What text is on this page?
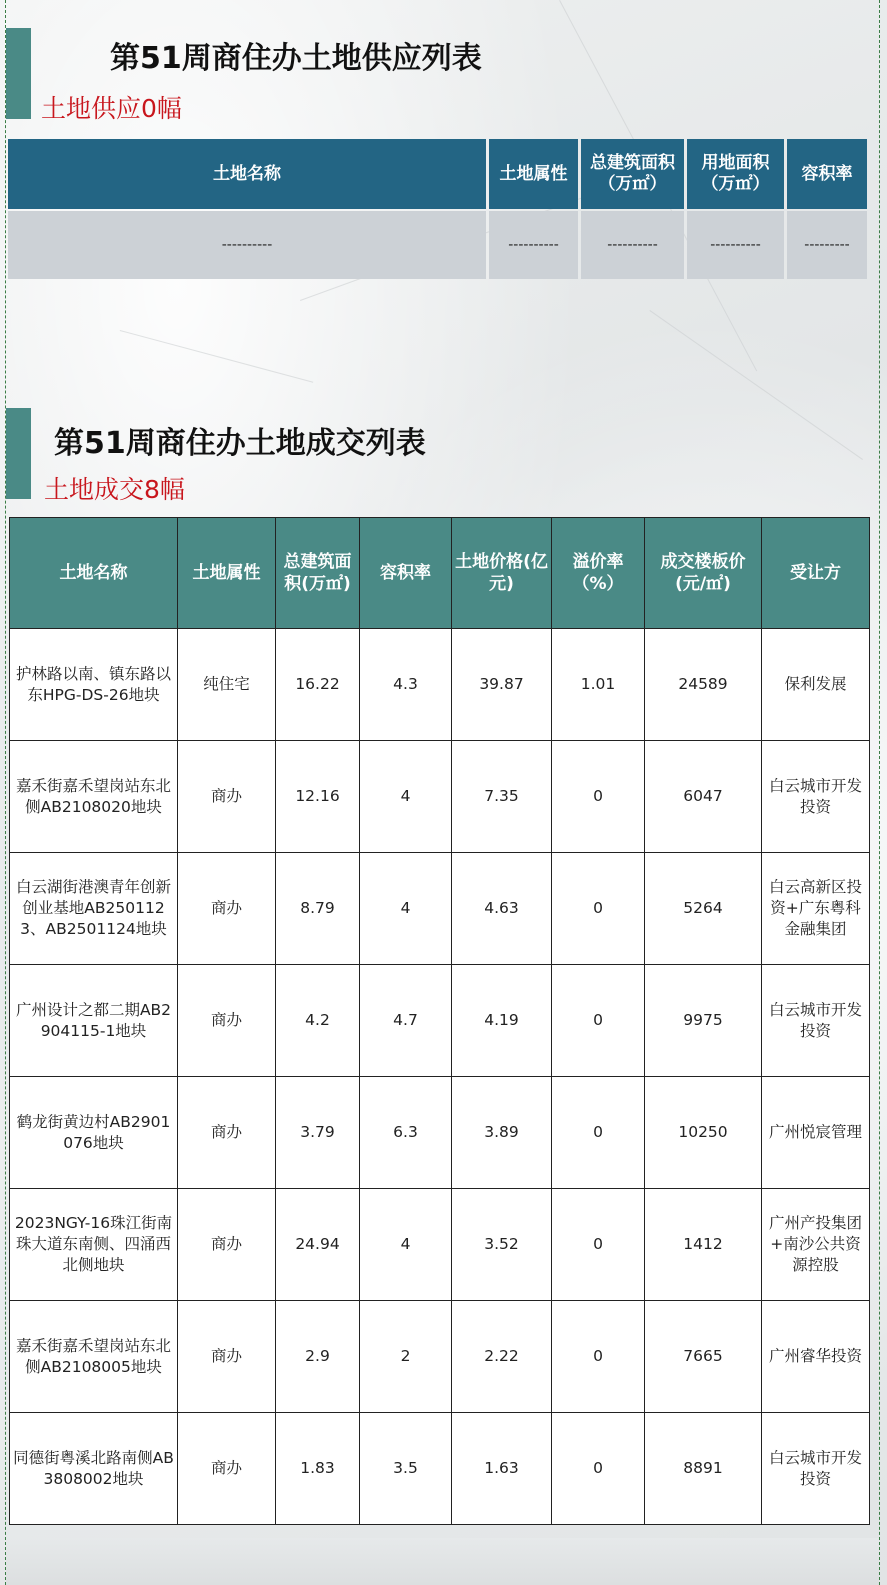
第51周商住办土地供应列表
土地供应0幅
土地名称	土地属性	总建筑面积（万㎡）	用地面积（万㎡）	容积率
----------	----------	----------	----------	---------
第51周商住办土地成交列表
土地成交8幅
土地名称	土地属性	总建筑面积(万㎡)	容积率	土地价格(亿元)	溢价率（%）	成交楼板价(元/㎡)	受让方
护林路以南、镇东路以东HPG-DS-26地块	纯住宅	16.22	4.3	39.87	1.01	24589	保利发展
嘉禾街嘉禾望岗站东北侧AB2108020地块	商办	12.16	4	7.35	0	6047	白云城市开发投资
白云湖街港澳青年创新创业基地AB2501123、AB2501124地块	商办	8.79	4	4.63	0	5264	白云高新区投资+广东粤科金融集团
广州设计之都二期AB2904115-1地块	商办	4.2	4.7	4.19	0	9975	白云城市开发投资
鹤龙街黄边村AB2901076地块	商办	3.79	6.3	3.89	0	10250	广州悦宸管理
2023NGY-16珠江街南珠大道东南侧、四涌西北侧地块	商办	24.94	4	3.52	0	1412	广州产投集团+南沙公共资源控股
嘉禾街嘉禾望岗站东北侧AB2108005地块	商办	2.9	2	2.22	0	7665	广州睿华投资
同德街粤溪北路南侧AB3808002地块	商办	1.83	3.5	1.63	0	8891	白云城市开发投资
